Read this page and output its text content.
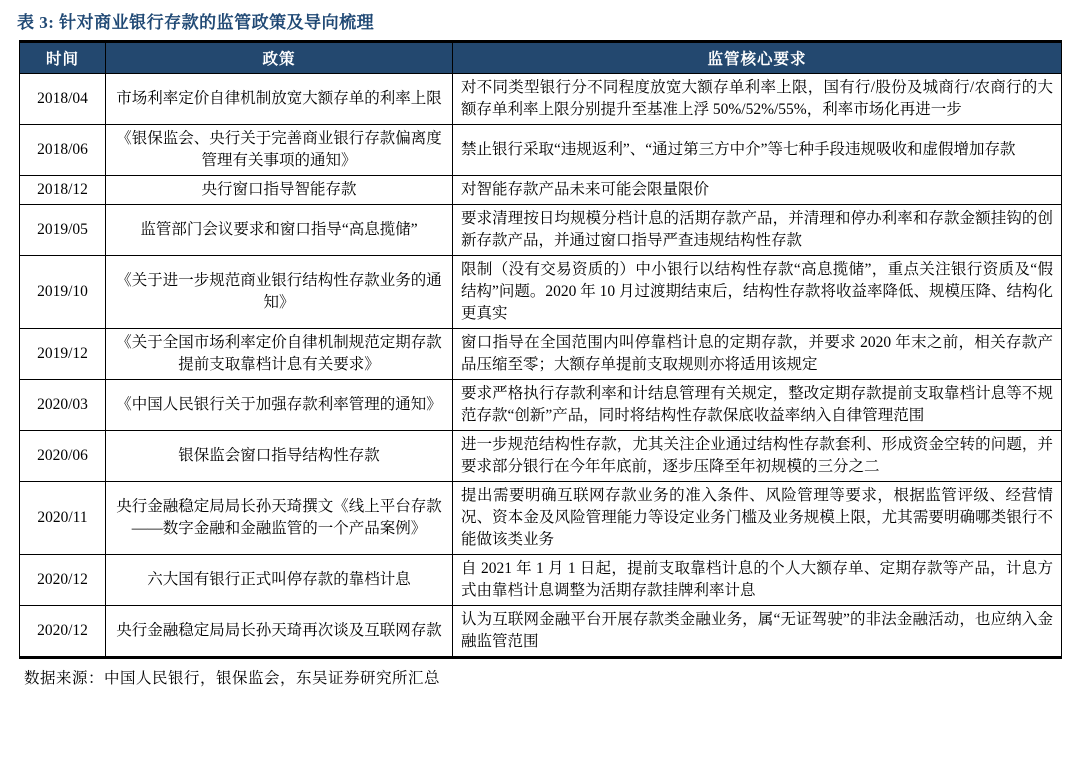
表 3: 针对商业银行存款的监管政策及导向梳理
时间	政策	监管核心要求
2018/04	市场利率定价自律机制放宽大额存单的利率上限	对不同类型银行分不同程度放宽大额存单利率上限，国有行/股份及城商行/农商行的大额存单利率上限分别提升至基准上浮 50%/52%/55%，利率市场化再进一步
2018/06	《银保监会、央行关于完善商业银行存款偏离度管理有关事项的通知》	禁止银行采取“违规返利”、“通过第三方中介”等七种手段违规吸收和虚假增加存款
2018/12	央行窗口指导智能存款	对智能存款产品未来可能会限量限价
2019/05	监管部门会议要求和窗口指导“高息揽储”	要求清理按日均规模分档计息的活期存款产品，并清理和停办利率和存款金额挂钩的创新存款产品，并通过窗口指导严查违规结构性存款
2019/10	《关于进一步规范商业银行结构性存款业务的通知》	限制（没有交易资质的）中小银行以结构性存款“高息揽储”，重点关注银行资质及“假结构”问题。2020 年 10 月过渡期结束后，结构性存款将收益率降低、规模压降、结构化更真实
2019/12	《关于全国市场利率定价自律机制规范定期存款提前支取靠档计息有关要求》	窗口指导在全国范围内叫停靠档计息的定期存款，并要求 2020 年末之前，相关存款产品压缩至零；大额存单提前支取规则亦将适用该规定
2020/03	《中国人民银行关于加强存款利率管理的通知》	要求严格执行存款利率和计结息管理有关规定，整改定期存款提前支取靠档计息等不规范存款“创新”产品，同时将结构性存款保底收益率纳入自律管理范围
2020/06	银保监会窗口指导结构性存款	进一步规范结构性存款，尤其关注企业通过结构性存款套利、形成资金空转的问题，并要求部分银行在今年年底前，逐步压降至年初规模的三分之二
2020/11	央行金融稳定局局长孙天琦撰文《线上平台存款——数字金融和金融监管的一个产品案例》	提出需要明确互联网存款业务的准入条件、风险管理等要求，根据监管评级、经营情况、资本金及风险管理能力等设定业务门槛及业务规模上限，尤其需要明确哪类银行不能做该类业务
2020/12	六大国有银行正式叫停存款的靠档计息	自 2021 年 1 月 1 日起，提前支取靠档计息的个人大额存单、定期存款等产品，计息方式由靠档计息调整为活期存款挂牌利率计息
2020/12	央行金融稳定局局长孙天琦再次谈及互联网存款	认为互联网金融平台开展存款类金融业务，属“无证驾驶”的非法金融活动，也应纳入金融监管范围
数据来源：中国人民银行，银保监会，东吴证券研究所汇总
